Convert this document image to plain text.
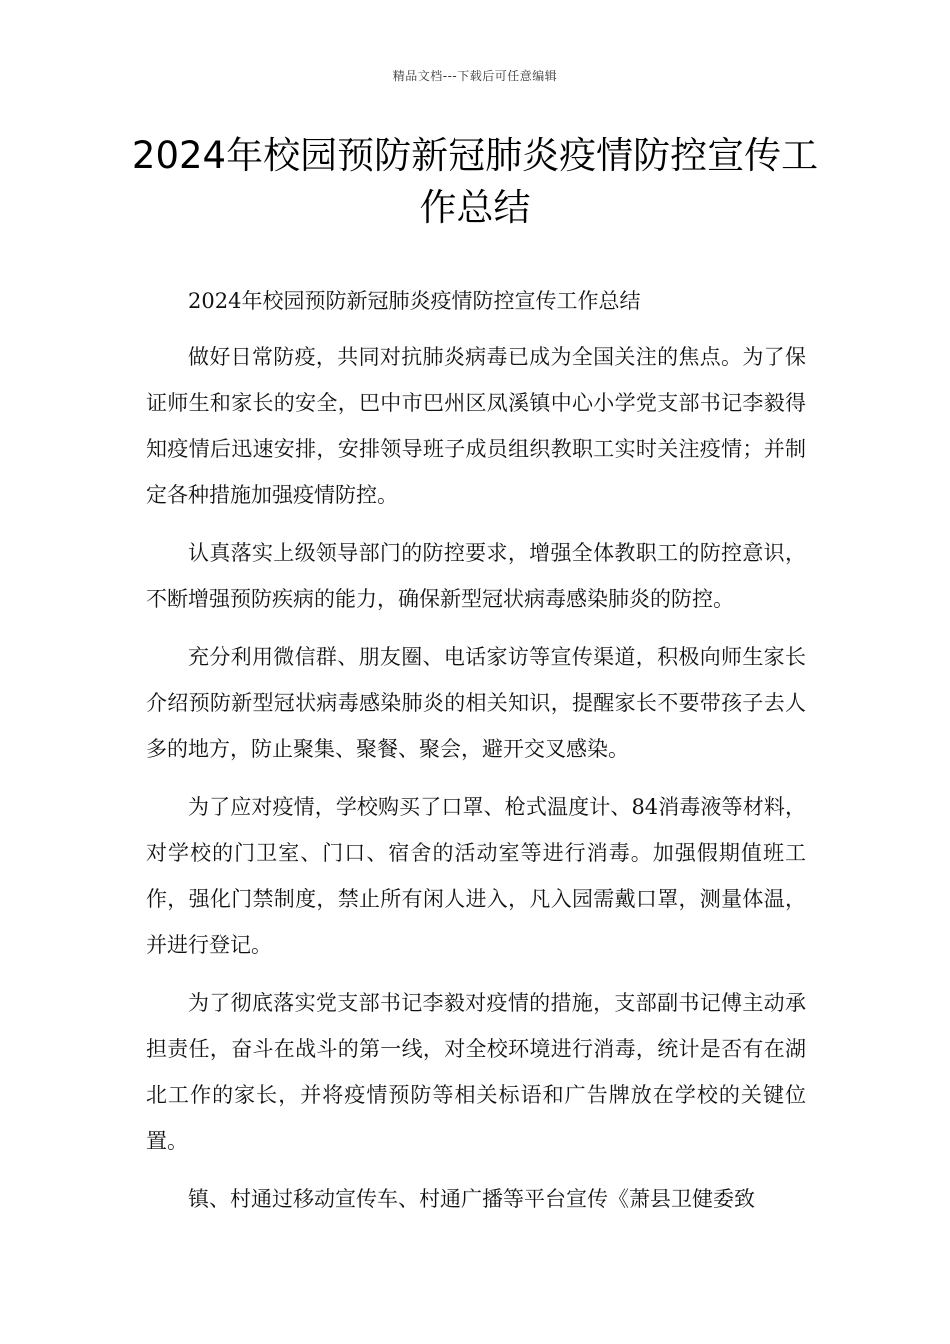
精品文档---下载后可任意编辑
2024年校园预防新冠肺炎疫情防控宣传工作总结

2024年校园预防新冠肺炎疫情防控宣传工作总结

做好日常防疫，共同对抗肺炎病毒已成为全国关注的焦点。为了保证师生和家长的安全，巴中市巴州区凤溪镇中心小学党支部书记李毅得知疫情后迅速安排，安排领导班子成员组织教职工实时关注疫情；并制定各种措施加强疫情防控。

认真落实上级领导部门的防控要求，增强全体教职工的防控意识，不断增强预防疾病的能力，确保新型冠状病毒感染肺炎的防控。

充分利用微信群、朋友圈、电话家访等宣传渠道，积极向师生家长介绍预防新型冠状病毒感染肺炎的相关知识，提醒家长不要带孩子去人多的地方，防止聚集、聚餐、聚会，避开交叉感染。

为了应对疫情，学校购买了口罩、枪式温度计、84消毒液等材料，对学校的门卫室、门口、宿舍的活动室等进行消毒。加强假期值班工作，强化门禁制度，禁止所有闲人进入，凡入园需戴口罩，测量体温，并进行登记。

为了彻底落实党支部书记李毅对疫情的措施，支部副书记傅主动承担责任，奋斗在战斗的第一线，对全校环境进行消毒，统计是否有在湖北工作的家长，并将疫情预防等相关标语和广告牌放在学校的关键位置。

镇、村通过移动宣传车、村通广播等平台宣传《萧县卫健委致
